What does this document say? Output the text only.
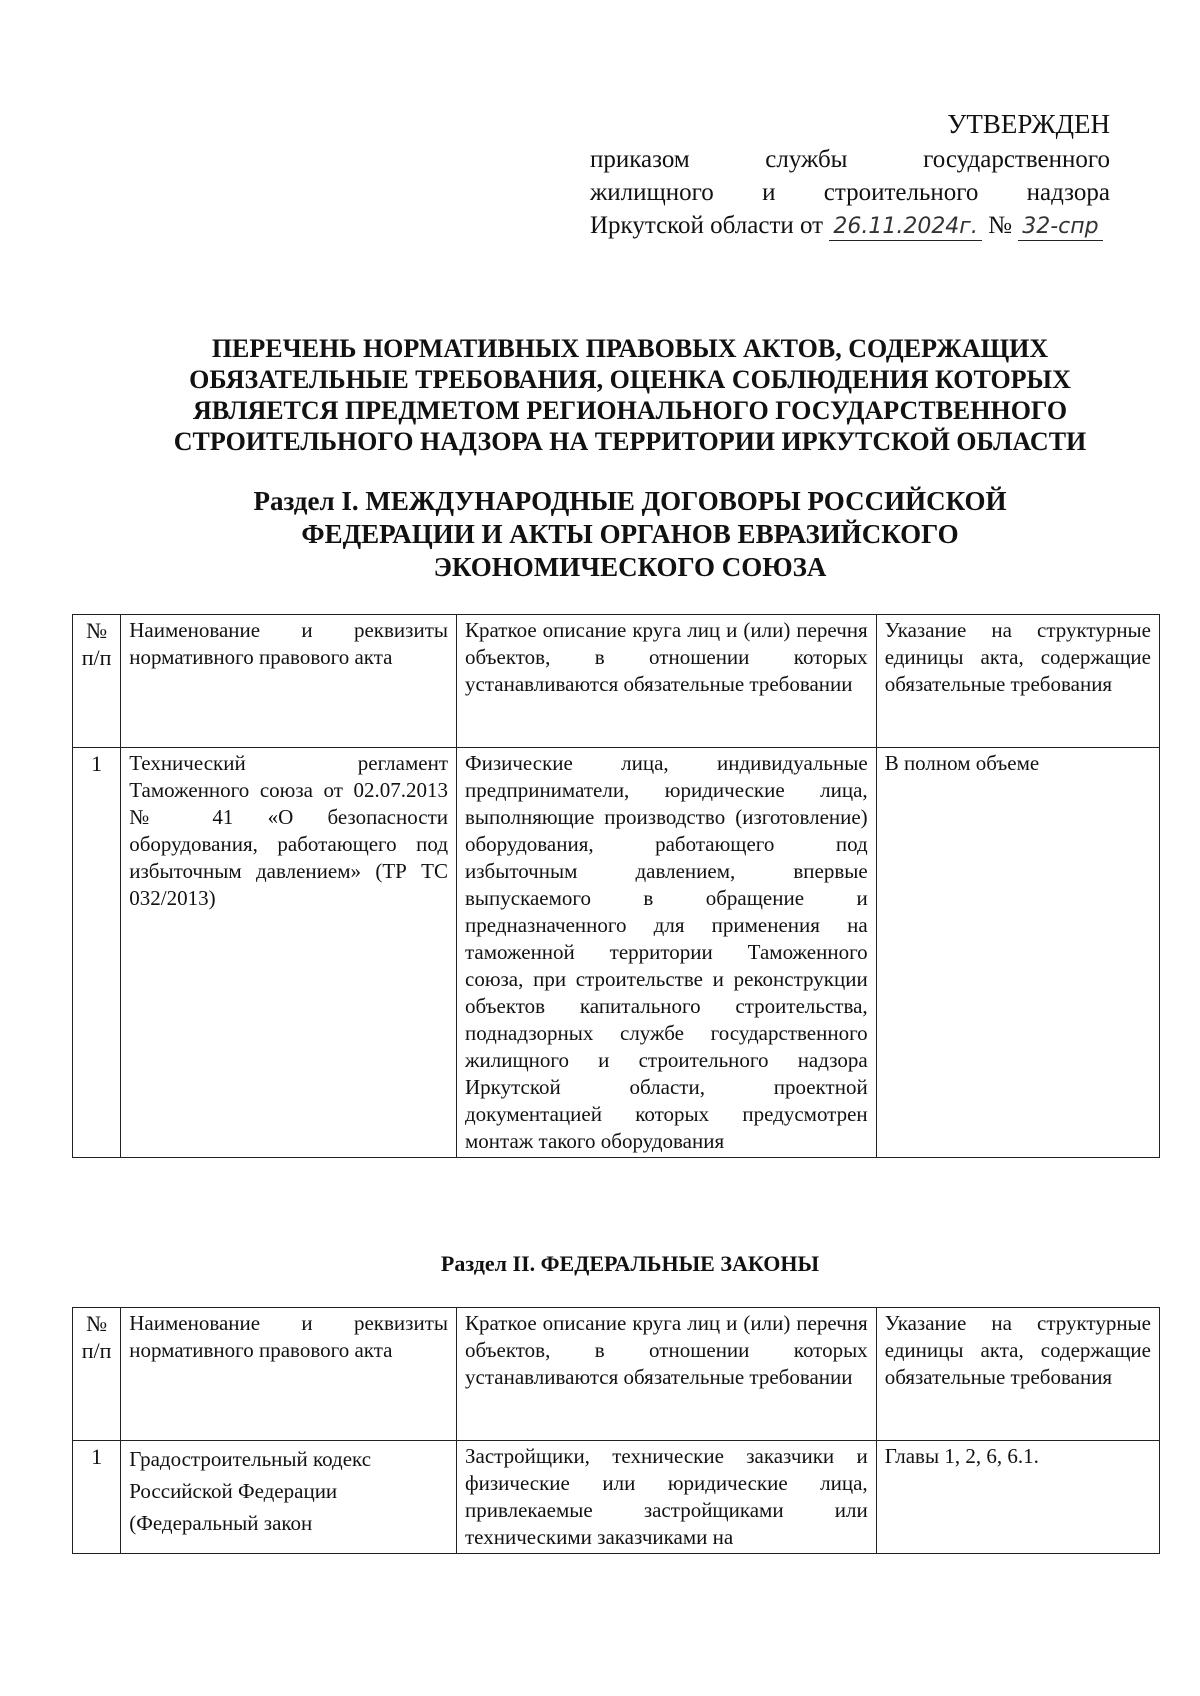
УТВЕРЖДЕН
приказом службы государственного
жилищного и строительного надзора
Иркутской области от 26.11.2024г. № 32-спр
ПЕРЕЧЕНЬ НОРМАТИВНЫХ ПРАВОВЫХ АКТОВ, СОДЕРЖАЩИХ ОБЯЗАТЕЛЬНЫЕ ТРЕБОВАНИЯ, ОЦЕНКА СОБЛЮДЕНИЯ КОТОРЫХ ЯВЛЯЕТСЯ ПРЕДМЕТОМ РЕГИОНАЛЬНОГО ГОСУДАРСТВЕННОГО СТРОИТЕЛЬНОГО НАДЗОРА НА ТЕРРИТОРИИ ИРКУТСКОЙ ОБЛАСТИ
Раздел I. МЕЖДУНАРОДНЫЕ ДОГОВОРЫ РОССИЙСКОЙ ФЕДЕРАЦИИ И АКТЫ ОРГАНОВ ЕВРАЗИЙСКОГО ЭКОНОМИЧЕСКОГО СОЮЗА
№ п/п	Наименование и реквизиты нормативного правового акта	Краткое описание круга лиц и (или) перечня объектов, в отношении которых устанавливаются обязательные требовании	Указание на структурные единицы акта, содержащие обязательные требования
1	Технический регламент Таможенного союза от 02.07.2013 № 41 «О безопасности оборудования, работающего под избыточным давлением» (ТР ТС 032/2013)	Физические лица, индивидуальные предприниматели, юридические лица, выполняющие производство (изготовление) оборудования, работающего под избыточным давлением, впервые выпускаемого в обращение и предназначенного для применения на таможенной территории Таможенного союза, при строительстве и реконструкции объектов капитального строительства, поднадзорных службе государственного жилищного и строительного надзора Иркутской области, проектной документацией которых предусмотрен монтаж такого оборудования	В полном объеме
Раздел II. ФЕДЕРАЛЬНЫЕ ЗАКОНЫ
№ п/п	Наименование и реквизиты нормативного правового акта	Краткое описание круга лиц и (или) перечня объектов, в отношении которых устанавливаются обязательные требовании	Указание на структурные единицы акта, содержащие обязательные требования
1	Градостроительный кодекс Российской Федерации (Федеральный закон	Застройщики, технические заказчики и физические или юридические лица, привлекаемые застройщиками или техническими заказчиками на	Главы 1, 2, 6, 6.1.
